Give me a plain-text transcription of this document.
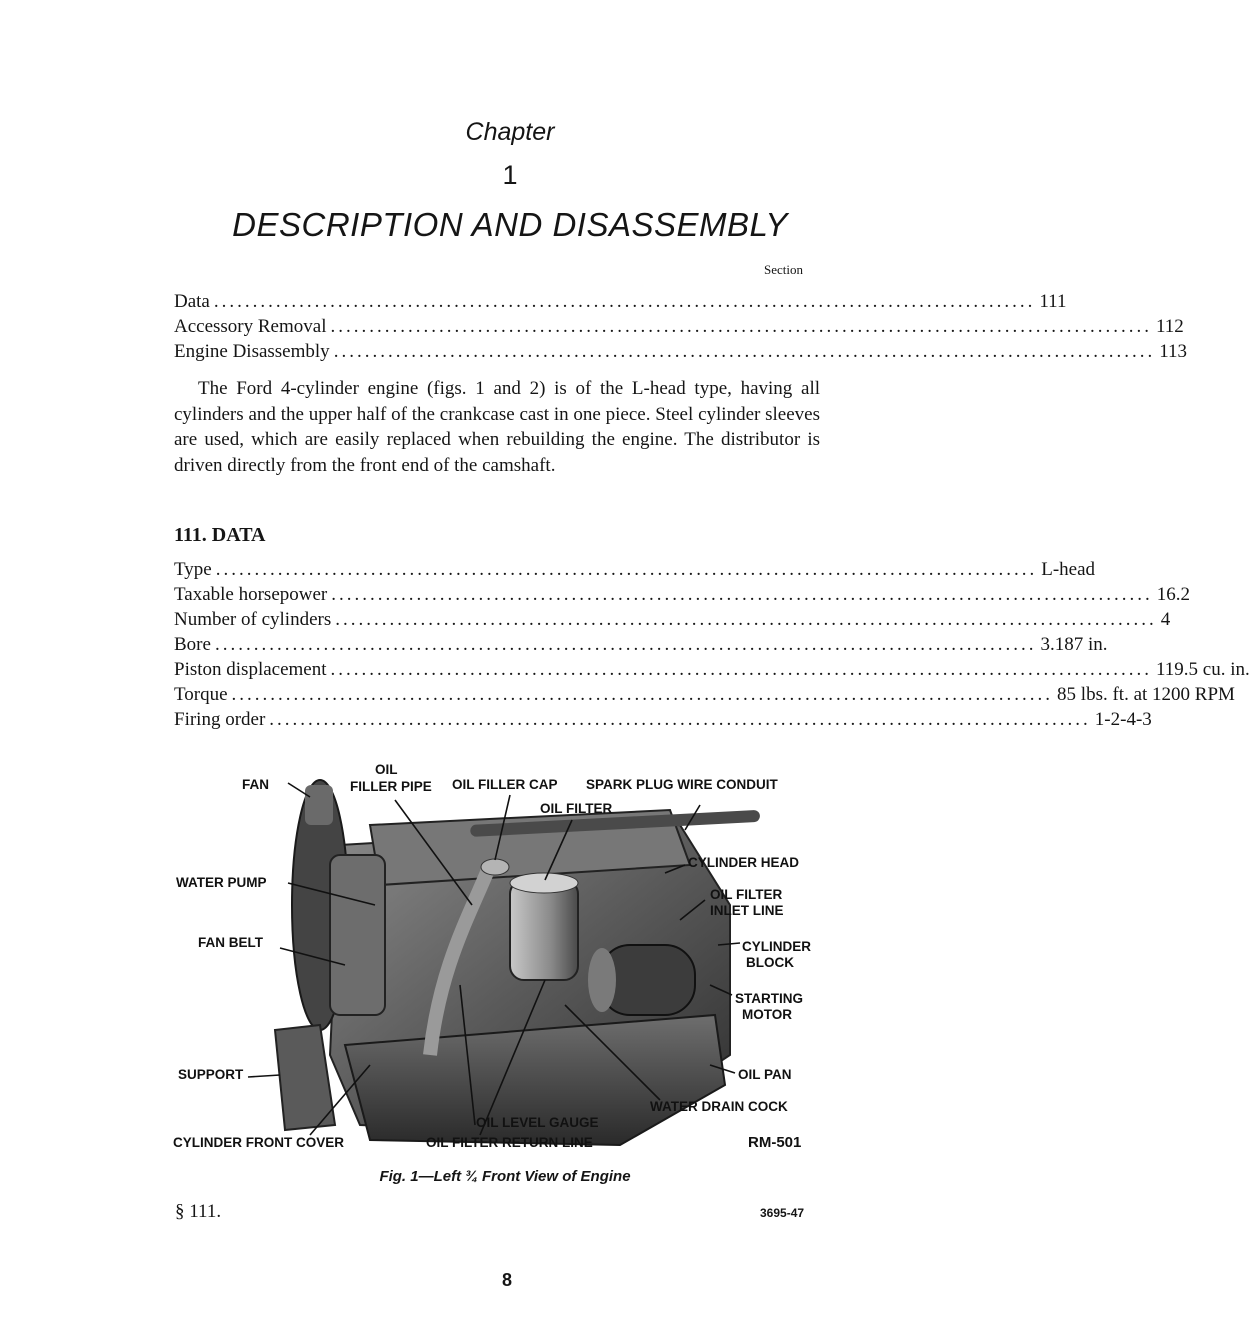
Chapter
1
DESCRIPTION AND DISASSEMBLY
Section
Data .......................................................................................................... 111
Accessory Removal .......................................................................................................... 112
Engine Disassembly .......................................................................................................... 113

The Ford 4-cylinder engine (figs. 1 and 2) is of the L-head type, having all cylinders and the upper half of the crankcase cast in one piece. Steel cylinder sleeves are used, which are easily replaced when rebuilding the engine. The distributor is driven directly from the front end of the camshaft.

111. DATA
Type .......................................................................................................... L-head
Taxable horsepower .......................................................................................................... 16.2
Number of cylinders .......................................................................................................... 4
Bore .......................................................................................................... 3.187 in.
Piston displacement .......................................................................................................... 119.5 cu. in.
Torque .......................................................................................................... 85 lbs. ft. at 1200 RPM
Firing order .......................................................................................................... 1-2-4-3
FAN
OIL
FILLER PIPE OIL FILLER CAP SPARK PLUG WIRE CONDUIT
OIL FILTER
CYLINDER HEAD
WATER PUMP
OIL FILTER
INLET LINE
FAN BELT	CYLINDER
BLOCK
STARTING
MOTOR
SUPPORT	OIL PAN
WATER DRAIN COCK
OIL LEVEL GAUGE
CYLINDER FRONT COVER	OIL FILTER RETURN LINE	RM-501
Fig. 1—Left ¾ Front View of Engine
§ 111.	3695-47
8
